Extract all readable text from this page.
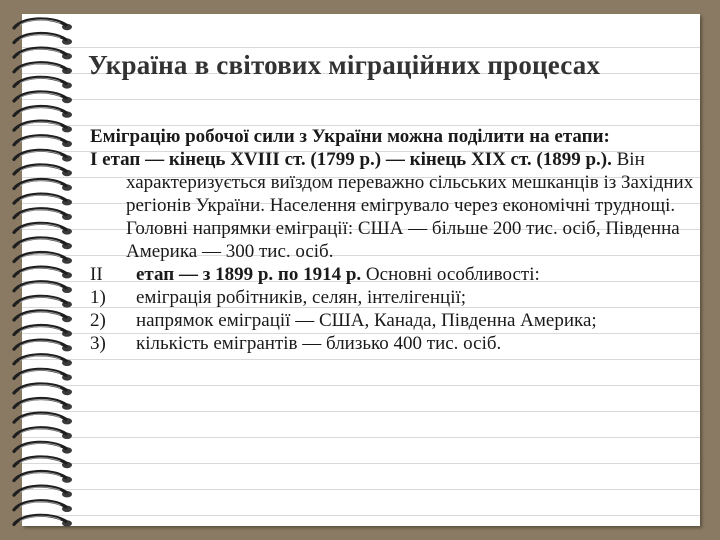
Україна в світових міграційних процесах

Еміграцію робочої сили з України можна поділити на етапи:

І етап — кінець XVIII ст. (1799 р.) — кінець XIX ст. (1899 р.). Він характеризується виїздом переважно сільських мешканців із Західних регіонів України. Населення емігрувало через економічні труднощі. Головні напрямки еміграції: США — більше 200 тис. осіб, Південна Америка — 300 тис. осіб.

ІІ етап — з 1899 р. по 1914 р. Основні особливості:

1) еміграція робітників, селян, інтелігенції;

2) напрямок еміграції — США, Канада, Південна Америка;

3) кількість емігрантів — близько 400 тис. осіб.
